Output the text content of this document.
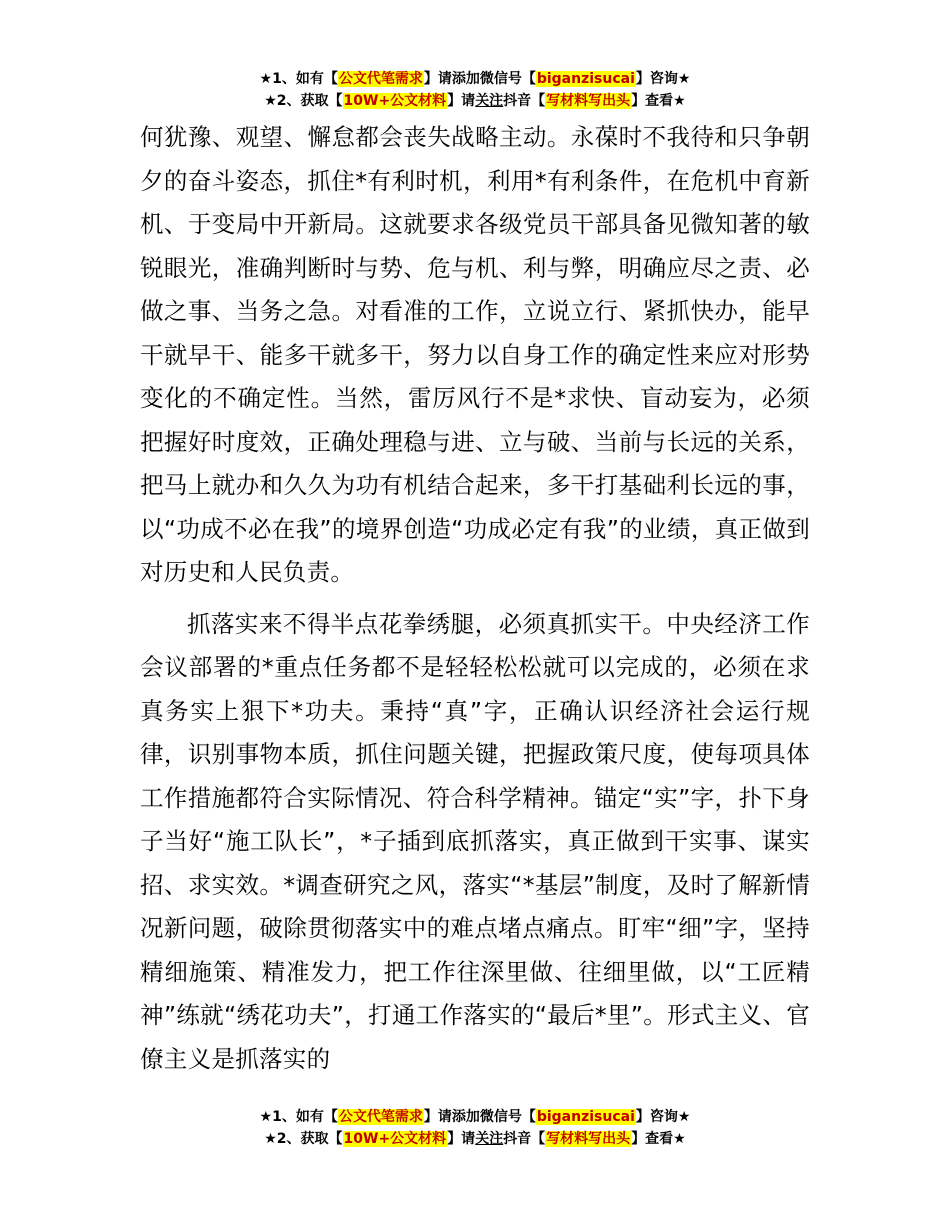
★1、如有【公文代笔需求】请添加微信号【biganzisucai】咨询★
★2、获取【10W+公文材料】请关注抖音【写材料写出头】查看★

何犹豫、观望、懈怠都会丧失战略主动。永葆时不我待和只争朝夕的奋斗姿态，抓住*有利时机，利用*有利条件，在危机中育新机、于变局中开新局。这就要求各级党员干部具备见微知著的敏锐眼光，准确判断时与势、危与机、利与弊，明确应尽之责、必做之事、当务之急。对看准的工作，立说立行、紧抓快办，能早干就早干、能多干就多干，努力以自身工作的确定性来应对形势变化的不确定性。当然，雷厉风行不是*求快、盲动妄为，必须把握好时度效，正确处理稳与进、立与破、当前与长远的关系，把马上就办和久久为功有机结合起来，多干打基础利长远的事，以“功成不必在我”的境界创造“功成必定有我”的业绩，真正做到对历史和人民负责。

抓落实来不得半点花拳绣腿，必须真抓实干。中央经济工作会议部署的*重点任务都不是轻轻松松就可以完成的，必须在求真务实上狠下*功夫。秉持“真”字，正确认识经济社会运行规律，识别事物本质，抓住问题关键，把握政策尺度，使每项具体工作措施都符合实际情况、符合科学精神。锚定“实”字，扑下身子当好“施工队长”，*子插到底抓落实，真正做到干实事、谋实招、求实效。*调查研究之风，落实“*基层”制度，及时了解新情况新问题，破除贯彻落实中的难点堵点痛点。盯牢“细”字，坚持精细施策、精准发力，把工作往深里做、往细里做，以“工匠精神”练就“绣花功夫”，打通工作落实的“最后*里”。形式主义、官僚主义是抓落实的

★1、如有【公文代笔需求】请添加微信号【biganzisucai】咨询★
★2、获取【10W+公文材料】请关注抖音【写材料写出头】查看★
